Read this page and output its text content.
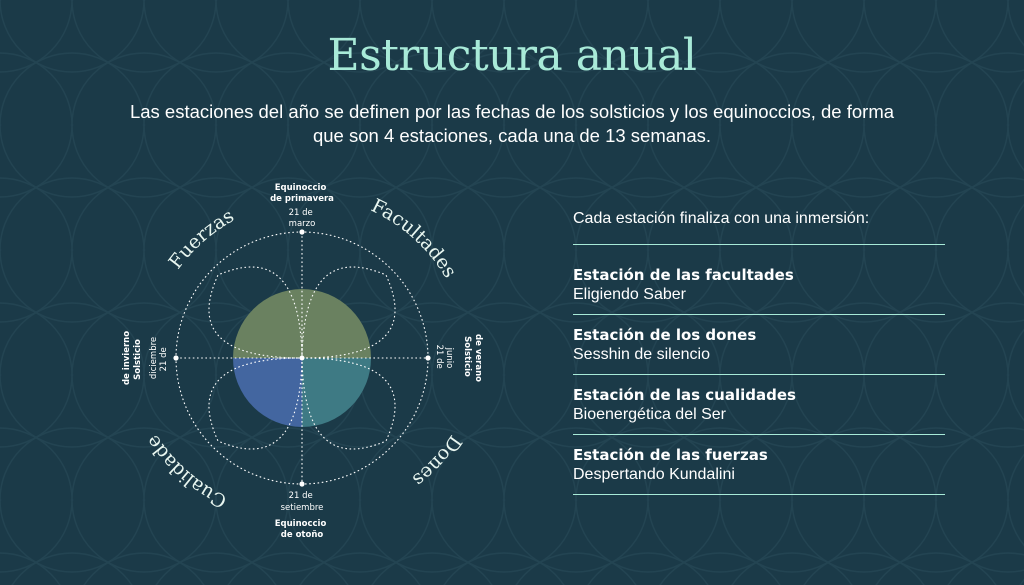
Estructura anual

Las estaciones del año se definen por las fechas de los solsticios y los equinoccios, de forma que son 4 estaciones, cada una de 13 semanas.

Equinoccio de primavera
21 de marzo
21 de setiembre
Equinoccio de otoño
21 de junio Solsticio de verano
21 de diciembre
Solsticio de invierno
Fuerzas	Facultades
Dones
Cualidade
Cada estación finaliza con una inmersión:
Estación de las facultades
Eligiendo Saber
Estación de los dones
Sesshin de silencio
Estación de las cualidades
Bioenergética del Ser
Estación de las fuerzas
Despertando Kundalini
